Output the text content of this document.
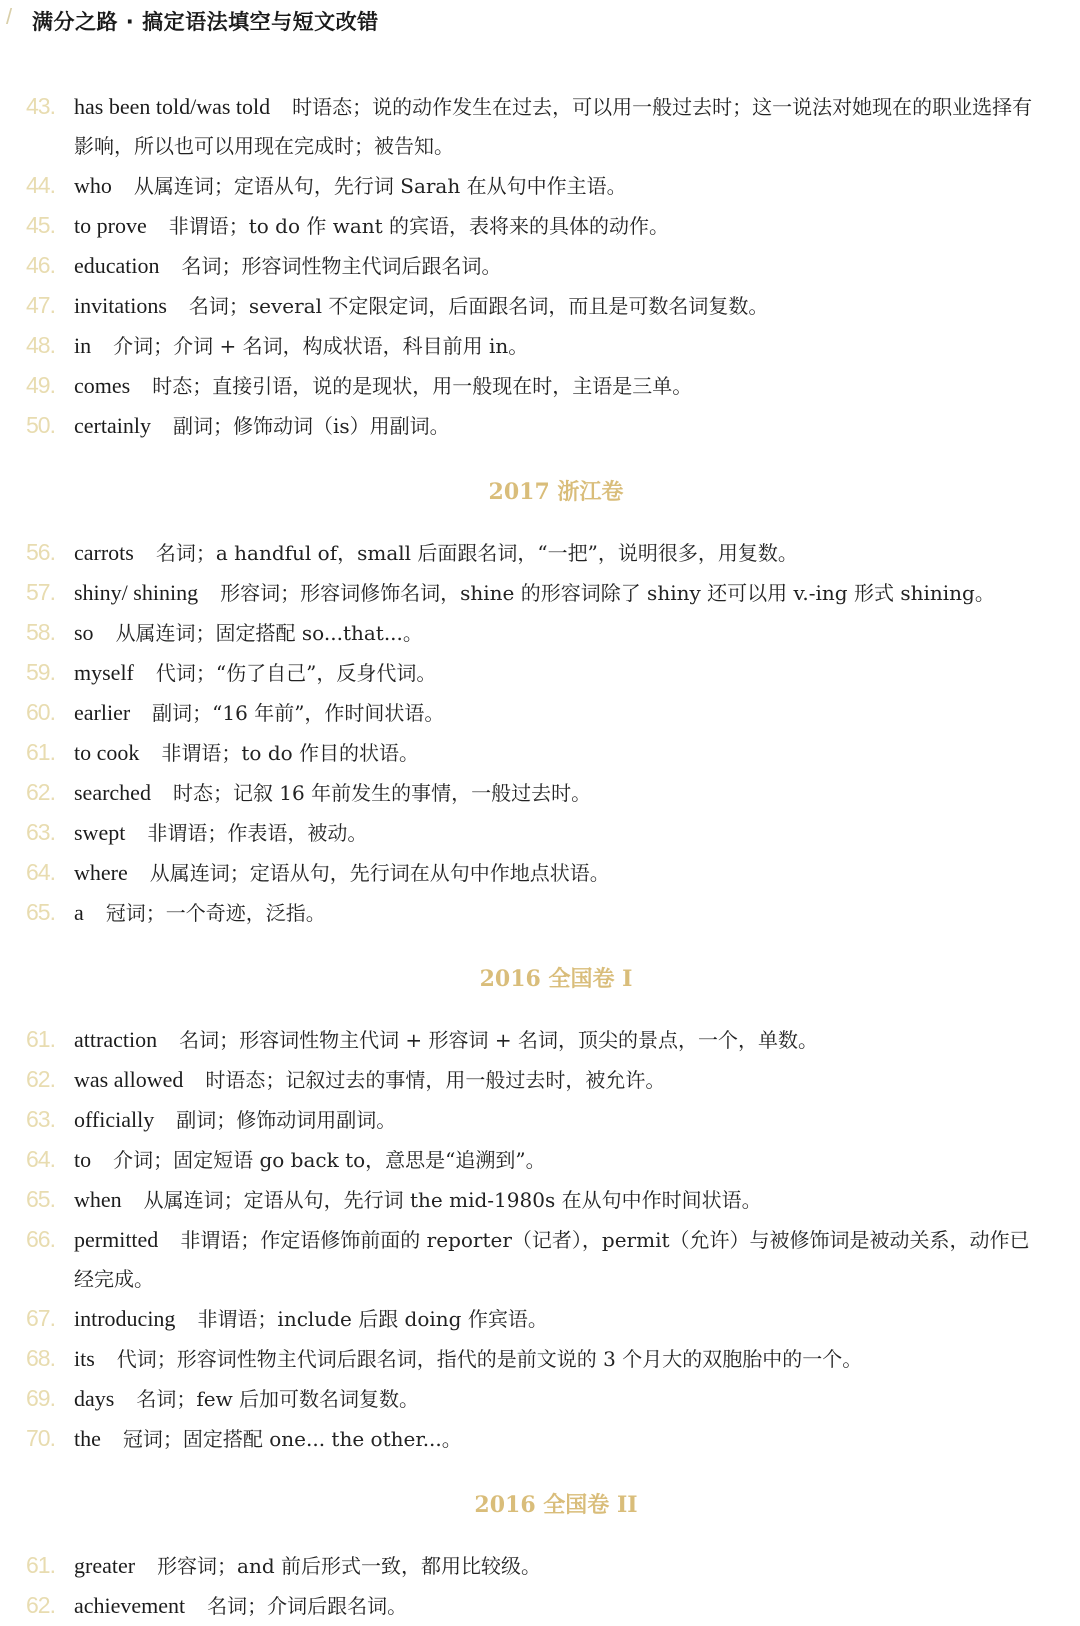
/ 满分之路 · 搞定语法填空与短文改错
43. has been told/was told 时语态；说的动作发生在过去，可以用一般过去时；这一说法对她现在的职业选择有影响，所以也可以用现在完成时；被告知。
44. who 从属连词；定语从句，先行词 Sarah 在从句中作主语。
45. to prove 非谓语；to do 作 want 的宾语，表将来的具体的动作。
46. education 名词；形容词性物主代词后跟名词。
47. invitations 名词；several 不定限定词，后面跟名词，而且是可数名词复数。
48. in 介词；介词 + 名词，构成状语，科目前用 in。
49. comes 时态；直接引语，说的是现状，用一般现在时，主语是三单。
50. certainly 副词；修饰动词（is）用副词。
2017 浙江卷
56. carrots 名词；a handful of，small 后面跟名词，“一把”，说明很多，用复数。
57. shiny/ shining 形容词；形容词修饰名词，shine 的形容词除了 shiny 还可以用 v.-ing 形式 shining。
58. so 从属连词；固定搭配 so...that...。
59. myself 代词；“伤了自己”，反身代词。
60. earlier 副词；“16 年前”，作时间状语。
61. to cook 非谓语；to do 作目的状语。
62. searched 时态；记叙 16 年前发生的事情，一般过去时。
63. swept 非谓语；作表语，被动。
64. where 从属连词；定语从句，先行词在从句中作地点状语。
65. a 冠词；一个奇迹，泛指。
2016 全国卷 I
61. attraction 名词；形容词性物主代词 + 形容词 + 名词，顶尖的景点，一个，单数。
62. was allowed 时语态；记叙过去的事情，用一般过去时，被允许。
63. officially 副词；修饰动词用副词。
64. to 介词；固定短语 go back to，意思是“追溯到”。
65. when 从属连词；定语从句，先行词 the mid-1980s 在从句中作时间状语。
66. permitted 非谓语；作定语修饰前面的 reporter（记者），permit（允许）与被修饰词是被动关系，动作已经完成。
67. introducing 非谓语；include 后跟 doing 作宾语。
68. its 代词；形容词性物主代词后跟名词，指代的是前文说的 3 个月大的双胞胎中的一个。
69. days 名词；few 后加可数名词复数。
70. the 冠词；固定搭配 one... the other...。
2016 全国卷 II
61. greater 形容词；and 前后形式一致，都用比较级。
62. achievement 名词；介词后跟名词。
